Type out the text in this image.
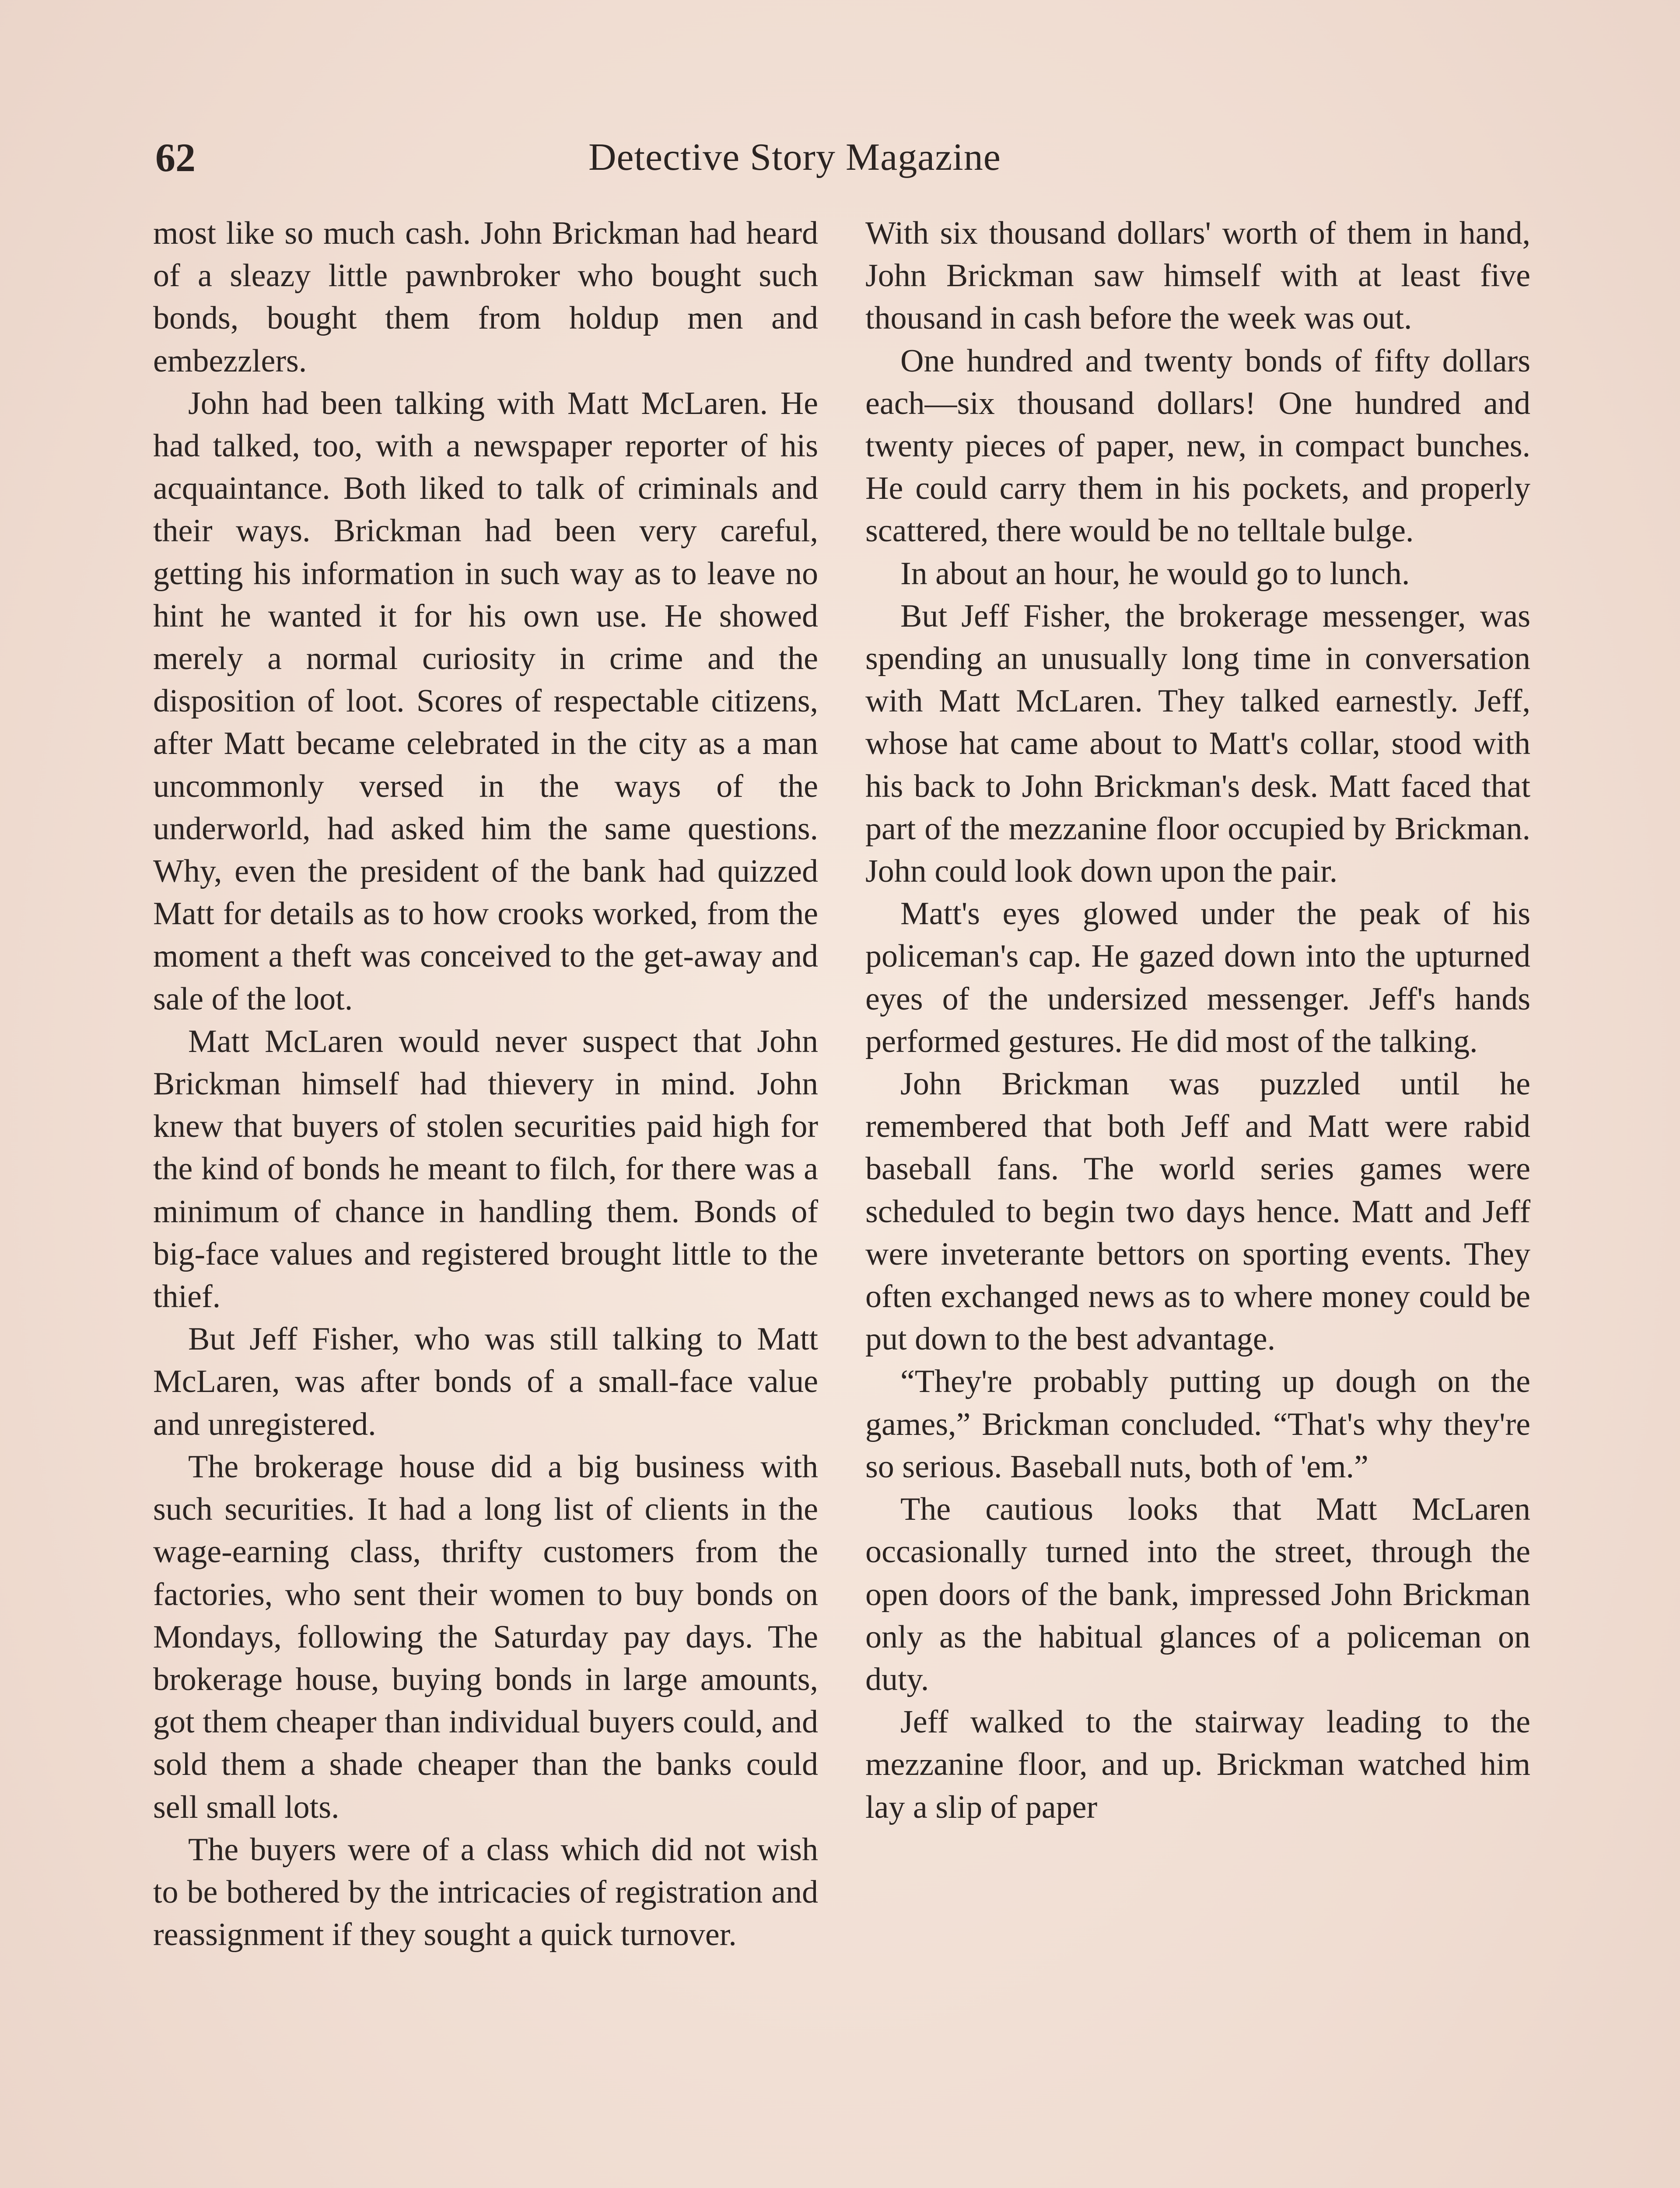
62	Detective Story Magazine

most like so much cash. John Brickman had heard of a sleazy little pawnbroker who bought such bonds, bought them from holdup men and embezzlers.

John had been talking with Matt McLaren. He had talked, too, with a newspaper reporter of his acquaintance. Both liked to talk of criminals and their ways. Brickman had been very careful, getting his information in such way as to leave no hint he wanted it for his own use. He showed merely a normal curiosity in crime and the disposition of loot. Scores of respectable citizens, after Matt became celebrated in the city as a man uncommonly versed in the ways of the underworld, had asked him the same questions. Why, even the president of the bank had quizzed Matt for details as to how crooks worked, from the moment a theft was conceived to the get-away and sale of the loot.

Matt McLaren would never suspect that John Brickman himself had thievery in mind. John knew that buyers of stolen securities paid high for the kind of bonds he meant to filch, for there was a minimum of chance in handling them. Bonds of big-face values and registered brought little to the thief.

But Jeff Fisher, who was still talking to Matt McLaren, was after bonds of a small-face value and unregistered.

The brokerage house did a big business with such securities. It had a long list of clients in the wage-earning class, thrifty customers from the factories, who sent their women to buy bonds on Mondays, following the Saturday pay days. The brokerage house, buying bonds in large amounts, got them cheaper than individual buyers could, and sold them a shade cheaper than the banks could sell small lots.

The buyers were of a class which did not wish to be bothered by the intricacies of registration and reassignment if they sought a quick turnover.

With six thousand dollars' worth of them in hand, John Brickman saw himself with at least five thousand in cash before the week was out.

One hundred and twenty bonds of fifty dollars each—six thousand dollars! One hundred and twenty pieces of paper, new, in compact bunches. He could carry them in his pockets, and properly scattered, there would be no telltale bulge.

In about an hour, he would go to lunch.

But Jeff Fisher, the brokerage messenger, was spending an unusually long time in conversation with Matt McLaren. They talked earnestly. Jeff, whose hat came about to Matt's collar, stood with his back to John Brickman's desk. Matt faced that part of the mezzanine floor occupied by Brickman. John could look down upon the pair.

Matt's eyes glowed under the peak of his policeman's cap. He gazed down into the upturned eyes of the undersized messenger. Jeff's hands performed gestures. He did most of the talking.

John Brickman was puzzled until he remembered that both Jeff and Matt were rabid baseball fans. The world series games were scheduled to begin two days hence. Matt and Jeff were inveterante bettors on sporting events. They often exchanged news as to where money could be put down to the best advantage.

“They're probably putting up dough on the games,” Brickman concluded. “That's why they're so serious. Baseball nuts, both of 'em.”

The cautious looks that Matt McLaren occasionally turned into the street, through the open doors of the bank, impressed John Brickman only as the habitual glances of a policeman on duty.

Jeff walked to the stairway leading to the mezzanine floor, and up. Brickman watched him lay a slip of paper
